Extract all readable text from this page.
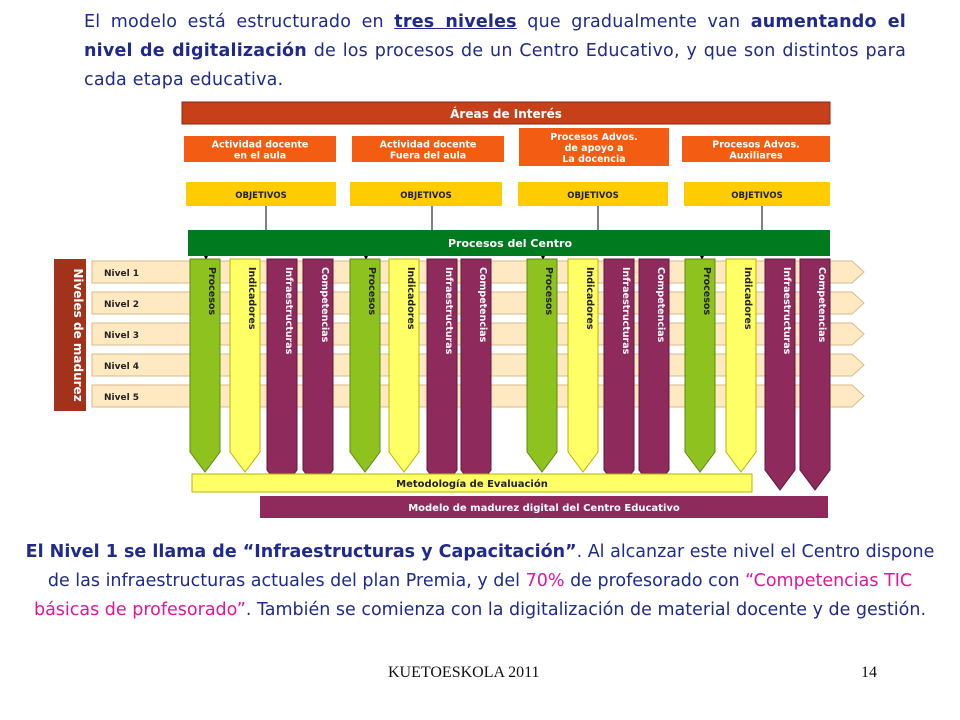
El modelo está estructurado en tres niveles que gradualmente van aumentando el nivel de digitalización de los procesos de un Centro Educativo, y que son distintos para cada etapa educativa.
Áreas de Interés
Actividad docente
en el aula
Actividad docente
Fuera del aula
Procesos Advos.
de apoyo a
La docencia
Procesos Advos.
Auxiliares
OBJETIVOS	OBJETIVOS	OBJETIVOS	OBJETIVOS
Nivel 1
Nivel 2
Nivel 3
Nivel 4
Nivel 5
Niveles de madurez
Procesos del Centro
Procesos	Indicadores	Infraestructuras	Competencias	Procesos	Indicadores	Infraestructuras Competencias	Procesos	Indicadores	Infraestructuras	Competencias	Procesos	Indicadores	Infraestructuras	Competencias
Metodología de Evaluación
Modelo de madurez digital del Centro Educativo
El Nivel 1 se llama de “Infraestructuras y Capacitación”. Al alcanzar este nivel el Centro dispone de las infraestructuras actuales del plan Premia, y del 70% de profesorado con “Competencias TIC básicas de profesorado”. También se comienza con la digitalización de material docente y de gestión.
KUETOESKOLA 2011	14
